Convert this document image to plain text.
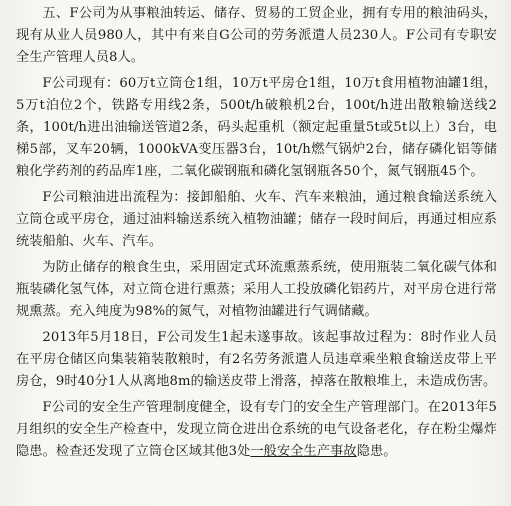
五、F公司为从事粮油转运、储存、贸易的工贸企业，拥有专用的粮油码头，现有从业人员980人，其中有来自G公司的劳务派遣人员230人。F公司有专职安全生产管理人员8人。

F公司现有：60万t立筒仓1组，10万t平房仓1组，10万t食用植物油罐1组，5万t泊位2个，铁路专用线2条，500t/h破粮机2台，100t/h进出散粮输送线2条，100t/h进出油输送管道2条，码头起重机（额定起重量5t或5t以上）3台，电梯5部，叉车20辆，1000kVA变压器3台，10t/h燃气锅炉2台，储存磷化铝等储粮化学药剂的药品库1座，二氧化碳钢瓶和磷化氢钢瓶各50个，氮气钢瓶45个。

F公司粮油进出流程为：接卸船舶、火车、汽车来粮油，通过粮食输送系统入立筒仓或平房仓，通过油料输送系统入植物油罐；储存一段时间后，再通过相应系统装船舶、火车、汽车。

为防止储存的粮食生虫，采用固定式环流熏蒸系统，使用瓶装二氧化碳气体和瓶装磷化氢气体，对立筒仓进行熏蒸；采用人工投放磷化铝药片，对平房仓进行常规熏蒸。充入纯度为98%的氮气，对植物油罐进行气调储藏。

2013年5月18日，F公司发生1起未遂事故。该起事故过程为：8时作业人员在平房仓储区向集装箱装散粮时，有2名劳务派遣人员违章乘坐粮食输送皮带上平房仓，9时40分1人从离地8m的输送皮带上滑落，掉落在散粮堆上，未造成伤害。

F公司的安全生产管理制度健全，设有专门的安全生产管理部门。在2013年5月组织的安全生产检查中，发现立筒仓进出仓系统的电气设备老化，存在粉尘爆炸隐患。检查还发现了立筒仓区域其他3处一般安全生产事故隐患。
